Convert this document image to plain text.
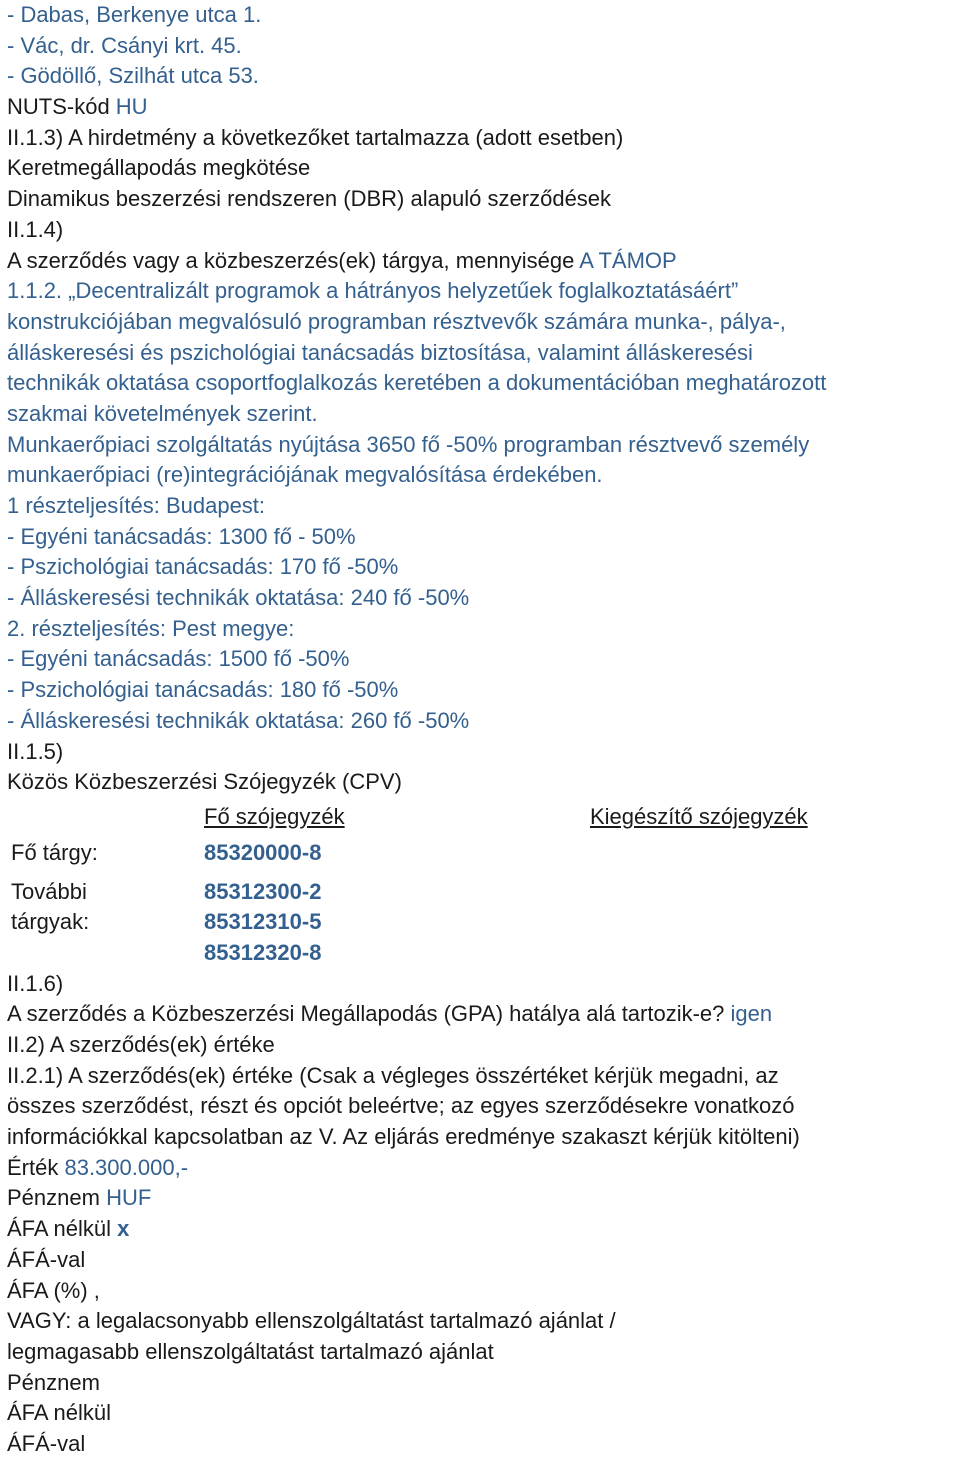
- Dabas, Berkenye utca 1.
- Vác, dr. Csányi krt. 45.
- Gödöllő, Szilhát utca 53.
NUTS-kód HU
II.1.3) A hirdetmény a következőket tartalmazza (adott esetben)
Keretmegállapodás megkötése
Dinamikus beszerzési rendszeren (DBR) alapuló szerződések
II.1.4)
A szerződés vagy a közbeszerzés(ek) tárgya, mennyisége A TÁMOP
1.1.2. „Decentralizált programok a hátrányos helyzetűek foglalkoztatásáért”
konstrukciójában megvalósuló programban résztvevők számára munka-, pálya-,
álláskeresési és pszichológiai tanácsadás biztosítása, valamint álláskeresési
technikák oktatása csoportfoglalkozás keretében a dokumentációban meghatározott
szakmai követelmények szerint.
Munkaerőpiaci szolgáltatás nyújtása 3650 fő -50% programban résztvevő személy
munkaerőpiaci (re)integrációjának megvalósítása érdekében.
1 részteljesítés: Budapest:
- Egyéni tanácsadás: 1300 fő - 50%
- Pszichológiai tanácsadás: 170 fő -50%
- Álláskeresési technikák oktatása: 240 fő -50%
2. részteljesítés: Pest megye:
- Egyéni tanácsadás: 1500 fő -50%
- Pszichológiai tanácsadás: 180 fő -50%
- Álláskeresési technikák oktatása: 260 fő -50%
II.1.5)
Közös Közbeszerzési Szójegyzék (CPV)
Fő szójegyzék	Kiegészítő szójegyzék
Fő tárgy:	85320000-8
További	85312300-2
tárgyak:	85312310-5
85312320-8
II.1.6)
A szerződés a Közbeszerzési Megállapodás (GPA) hatálya alá tartozik-e? igen
II.2) A szerződés(ek) értéke
II.2.1) A szerződés(ek) értéke (Csak a végleges összértéket kérjük megadni, az
összes szerződést, részt és opciót beleértve; az egyes szerződésekre vonatkozó
információkkal kapcsolatban az V. Az eljárás eredménye szakaszt kérjük kitölteni)
Érték 83.300.000,-
Pénznem HUF
ÁFA nélkül x
ÁFÁ-val
ÁFA (%) ,
VAGY: a legalacsonyabb ellenszolgáltatást tartalmazó ajánlat /
legmagasabb ellenszolgáltatást tartalmazó ajánlat
Pénznem
ÁFA nélkül
ÁFÁ-val
